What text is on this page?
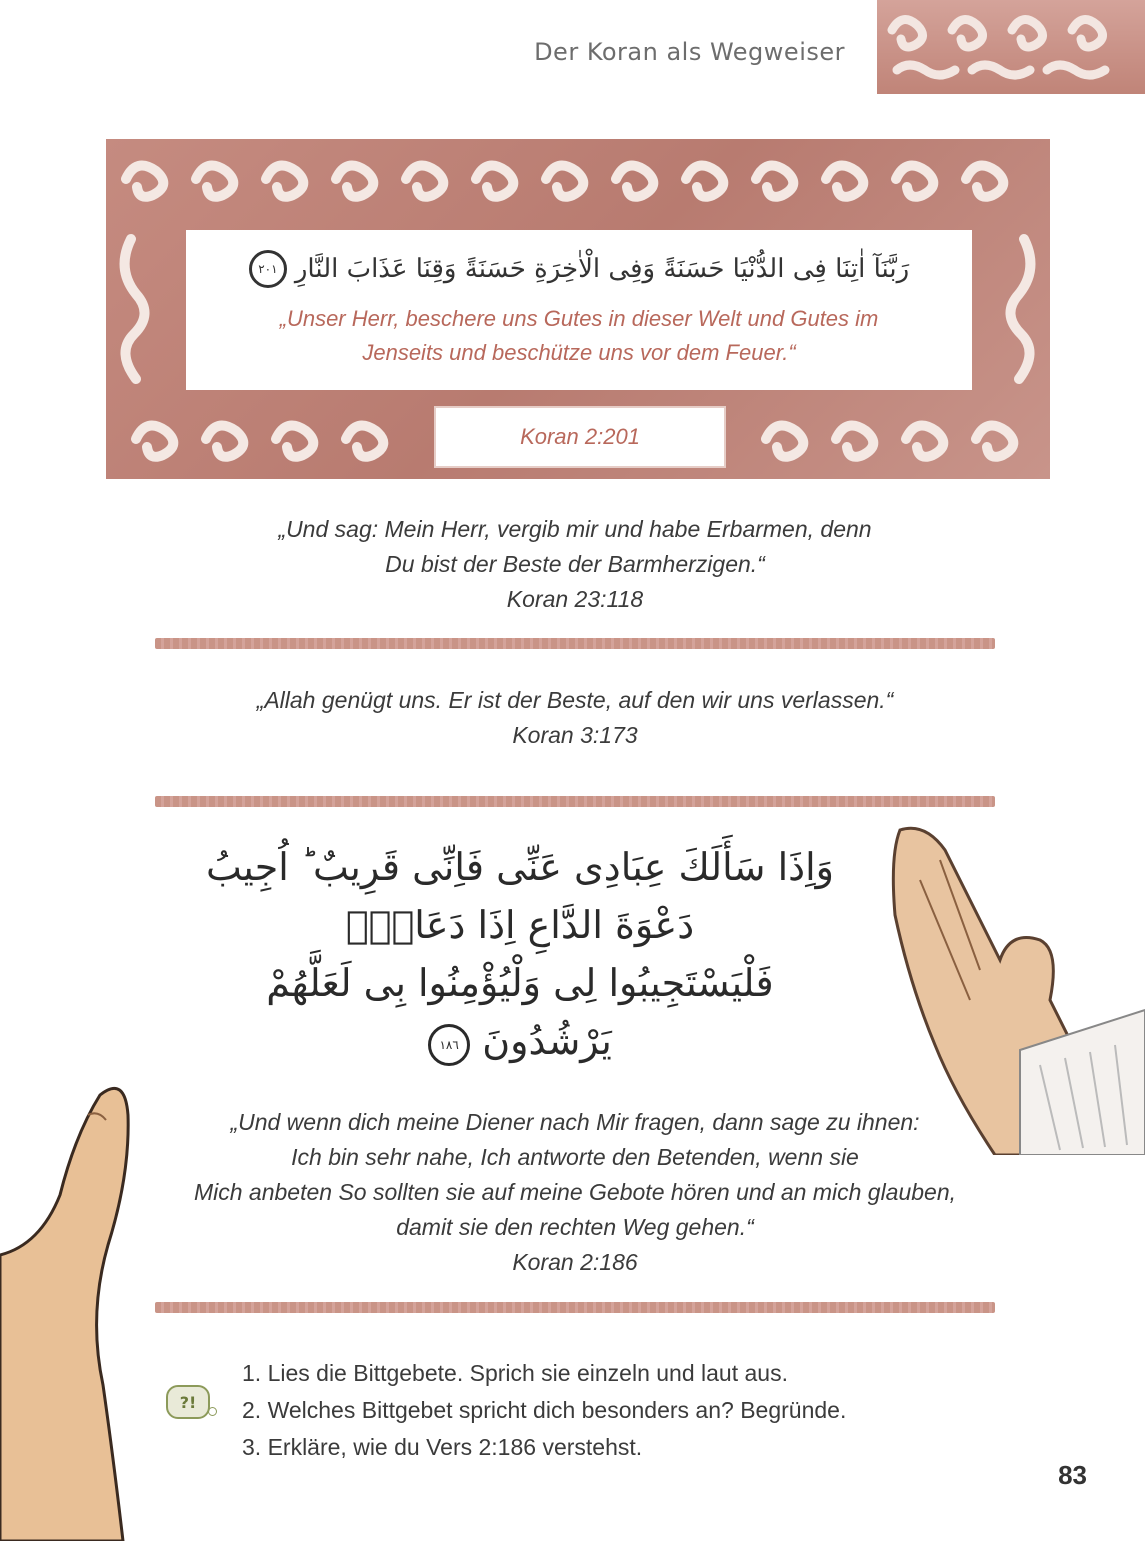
Der Koran als Wegweiser
رَبَّنَآ اٰتِنَا فِى الدُّنْيَا حَسَنَةً وَفِى الْاٰخِرَةِ حَسَنَةً وَقِنَا عَذَابَ النَّارِ
٢٠١
„Unser Herr, beschere uns Gutes in dieser Welt und Gutes im
Jenseits und beschütze uns vor dem Feuer.“
Koran 2:201
„Und sag: Mein Herr, vergib mir und habe Erbarmen, denn
Du bist der Beste der Barmherzigen.“
Koran 23:118
„Allah genügt uns. Er ist der Beste, auf den wir uns verlassen.“
Koran 3:173
وَاِذَا سَأَلَكَ عِبَادِى عَنِّى فَاِنِّى قَرِيبٌ ؕ اُجِيبُ
دَعْوَةَ الدَّاعِ اِذَا دَعَانِۙ
فَلْيَسْتَجِيبُوا لِى وَلْيُؤْمِنُوا بِى لَعَلَّهُمْ
يَرْشُدُونَ ١٨٦
„Und wenn dich meine Diener nach Mir fragen, dann sage zu ihnen:
Ich bin sehr nahe, Ich antworte den Betenden, wenn sie
Mich anbeten So sollten sie auf meine Gebote hören und an mich glauben,
damit sie den rechten Weg gehen.“
Koran 2:186
?!
1. Lies die Bittgebete. Sprich sie einzeln und laut aus.
2. Welches Bittgebet spricht dich besonders an? Begründe.
3. Erkläre, wie du Vers 2:186 verstehst.
83
